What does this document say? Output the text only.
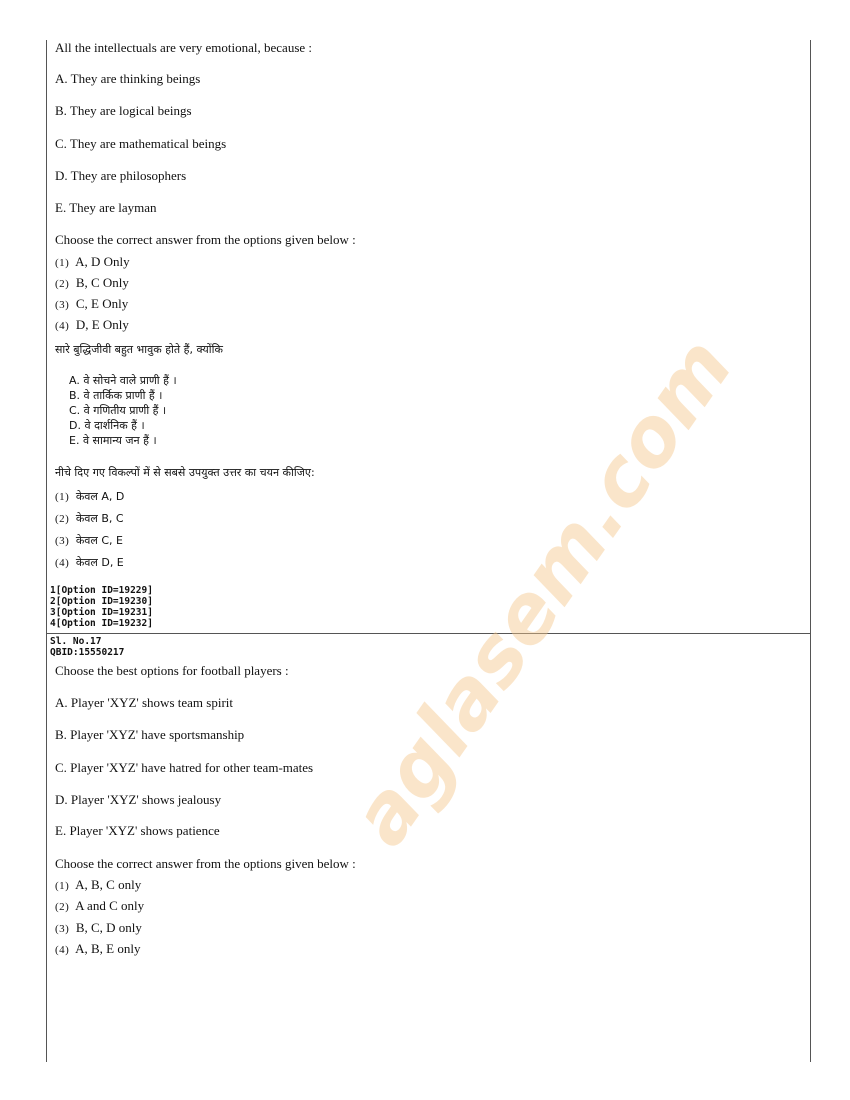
All the intellectuals are very emotional, because :
A. They are thinking beings
B. They are logical beings
C. They are mathematical beings
D. They are philosophers
E. They are layman
Choose the correct answer from the options given below :
(1) A, D Only
(2) B, C Only
(3) C, E Only
(4) D, E Only
सारे बुद्धिजीवी बहुत भावुक होते हैं, क्योंकि
A. वे सोचने वाले प्राणी हैं ।
B. वे तार्किक प्राणी हैं ।
C. वे गणितीय प्राणी हैं ।
D. वे दार्शनिक हैं ।
E. वे सामान्य जन हैं ।
नीचे दिए गए विकल्पों में से सबसे उपयुक्त उत्तर का चयन कीजिए:
(1) केवल A, D
(2) केवल B, C
(3) केवल C, E
(4) केवल D, E
1[Option ID=19229]
2[Option ID=19230]
3[Option ID=19231]
4[Option ID=19232]
Sl. No.17
QBID:15550217
Choose the best options for football players :
A. Player 'XYZ' shows team spirit
B. Player 'XYZ' have sportsmanship
C. Player 'XYZ' have hatred for other team-mates
D. Player 'XYZ' shows jealousy
E. Player 'XYZ' shows patience
Choose the correct answer from the options given below :
(1) A, B, C only
(2) A and C only
(3) B, C, D only
(4) A, B, E only
aglasem.com
